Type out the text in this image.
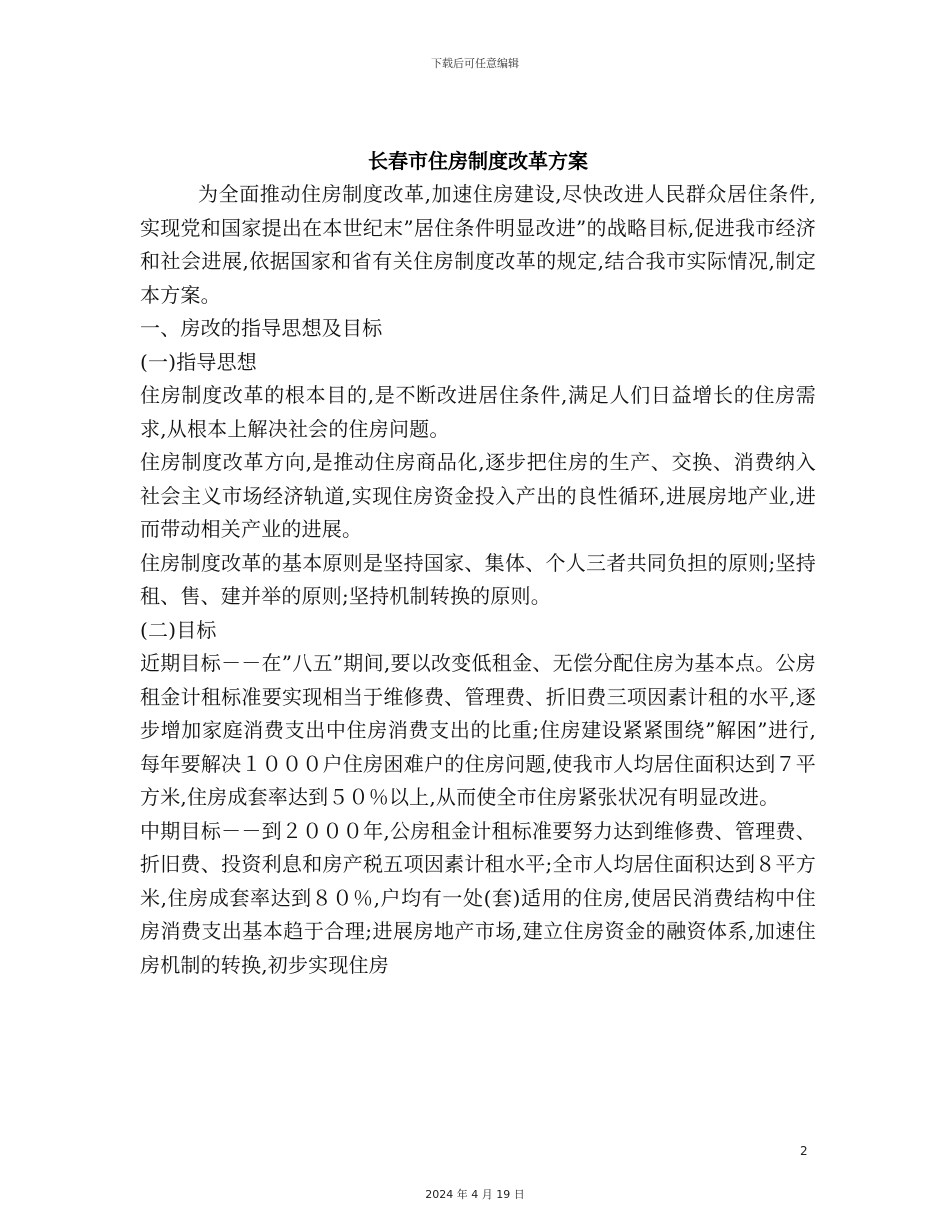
下载后可任意编辑
长春市住房制度改革方案

为全面推动住房制度改革,加速住房建设,尽快改进人民群众居住条件,实现党和国家提出在本世纪末”居住条件明显改进”的战略目标,促进我市经济和社会进展,依据国家和省有关住房制度改革的规定,结合我市实际情况,制定本方案。

一、房改的指导思想及目标

(一)指导思想

住房制度改革的根本目的,是不断改进居住条件,满足人们日益增长的住房需求,从根本上解决社会的住房问题。

住房制度改革方向,是推动住房商品化,逐步把住房的生产、交换、消费纳入社会主义市场经济轨道,实现住房资金投入产出的良性循环,进展房地产业,进而带动相关产业的进展。

住房制度改革的基本原则是坚持国家、集体、个人三者共同负担的原则;坚持租、售、建并举的原则;坚持机制转换的原则。

(二)目标

近期目标－－在”八五”期间,要以改变低租金、无偿分配住房为基本点。公房租金计租标准要实现相当于维修费、管理费、折旧费三项因素计租的水平,逐步增加家庭消费支出中住房消费支出的比重;住房建设紧紧围绕”解困”进行,每年要解决１０００户住房困难户的住房问题,使我市人均居住面积达到７平方米,住房成套率达到５０％以上,从而使全市住房紧张状况有明显改进。

中期目标－－到２０００年,公房租金计租标准要努力达到维修费、管理费、折旧费、投资利息和房产税五项因素计租水平;全市人均居住面积达到８平方米,住房成套率达到８０％,户均有一处(套)适用的住房,使居民消费结构中住房消费支出基本趋于合理;进展房地产市场,建立住房资金的融资体系,加速住房机制的转换,初步实现住房

2
2024 年 4 月 19 日
